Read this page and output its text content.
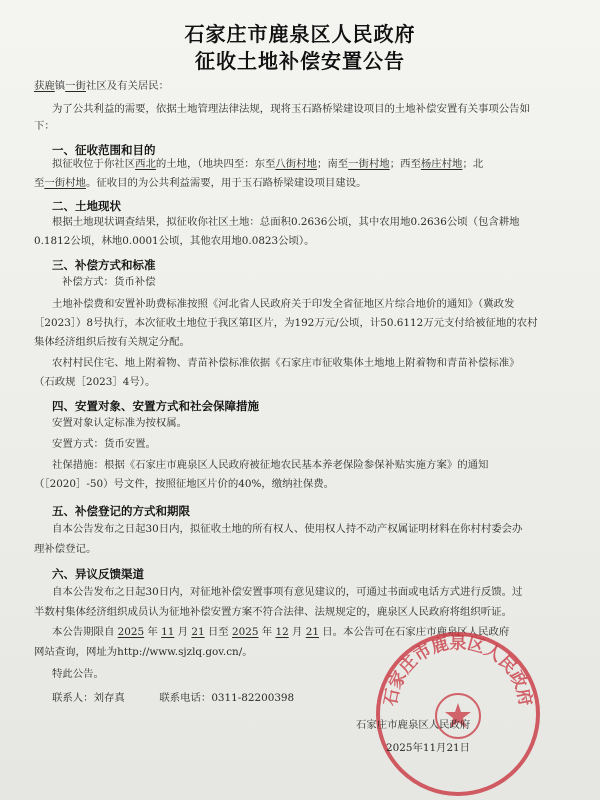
石家庄市鹿泉区人民政府
征收土地补偿安置公告
获鹿镇一街社区及有关居民：
为了公共利益的需要，依据土地管理法律法规，现将玉石路桥梁建设项目的土地补偿安置有关事项公告如
下：
一、征收范围和目的
拟征收位于你社区西北的土地，（地块四至：东至八街村地；南至一街村地；西至杨庄村地；北
至一街村地。征收目的为公共利益需要，用于玉石路桥梁建设项目建设。
二、土地现状
根据土地现状调查结果，拟征收你社区土地：总面积0.2636公顷，其中农用地0.2636公顷（包含耕地
0.1812公顷，林地0.0001公顷，其他农用地0.0823公顷）。
三、补偿方式和标准
补偿方式：货币补偿
土地补偿费和安置补助费标准按照《河北省人民政府关于印发全省征地区片综合地价的通知》（冀政发
［2023］）8号执行，本次征收土地位于我区第Ⅰ区片，为192万元/公顷，计50.6112万元支付给被征地的农村
集体经济组织后按有关规定分配。
农村村民住宅、地上附着物、青苗补偿标准依据《石家庄市征收集体土地地上附着物和青苗补偿标准》
（石政规［2023］4号）。
四、安置对象、安置方式和社会保障措施
安置对象认定标准为按权属。
安置方式：货币安置。
社保措施：根据《石家庄市鹿泉区人民政府被征地农民基本养老保险参保补贴实施方案》的通知
（［2020］-50）号文件，按照征地区片价的40%，缴纳社保费。
五、补偿登记的方式和期限
自本公告发布之日起30日内，拟征收土地的所有权人、使用权人持不动产权属证明材料在你村村委会办
理补偿登记。
六、异议反馈渠道
自本公告发布之日起30日内，对征地补偿安置事项有意见建议的，可通过书面或电话方式进行反馈。过
半数村集体经济组织成员认为征地补偿安置方案不符合法律、法规规定的，鹿泉区人民政府将组织听证。
本公告期限自 2025 年 11 月 21 日至 2025 年 12 月 21 日。本公告可在石家庄市鹿泉区人民政府
网站查询，网址为http://www.sjzlq.gov.cn/。
特此公告。
联系人：刘存真	联系电话：0311-82200398	石家庄市鹿泉区人民政府
石家庄市鹿泉区人民政府
2025年11月21日
